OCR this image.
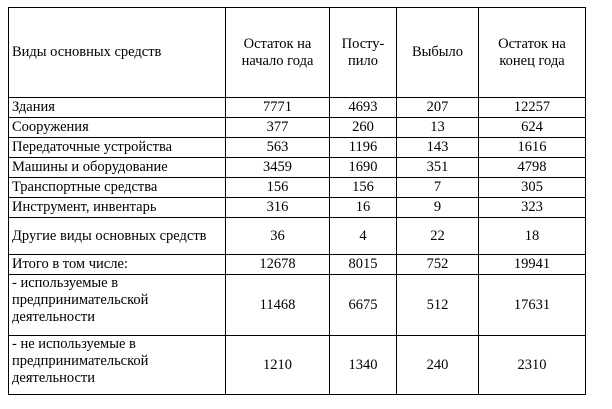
Виды основных средств	Остаток на начало года	Посту-пило	Выбыло	Остаток на конец года
Здания	7771	4693	207	12257
Сооружения	377	260	13	624
Передаточные устройства	563	1196	143	1616
Машины и оборудование	3459	1690	351	4798
Транспортные средства	156	156	7	305
Инструмент, инвентарь	316	16	9	323
Другие виды основных средств	36	4	22	18
Итого в том числе:	12678	8015	752	19941
- используемые в предпринимательской деятельности	11468	6675	512	17631
- не используемые в предпринимательской деятельности	1210	1340	240	2310
